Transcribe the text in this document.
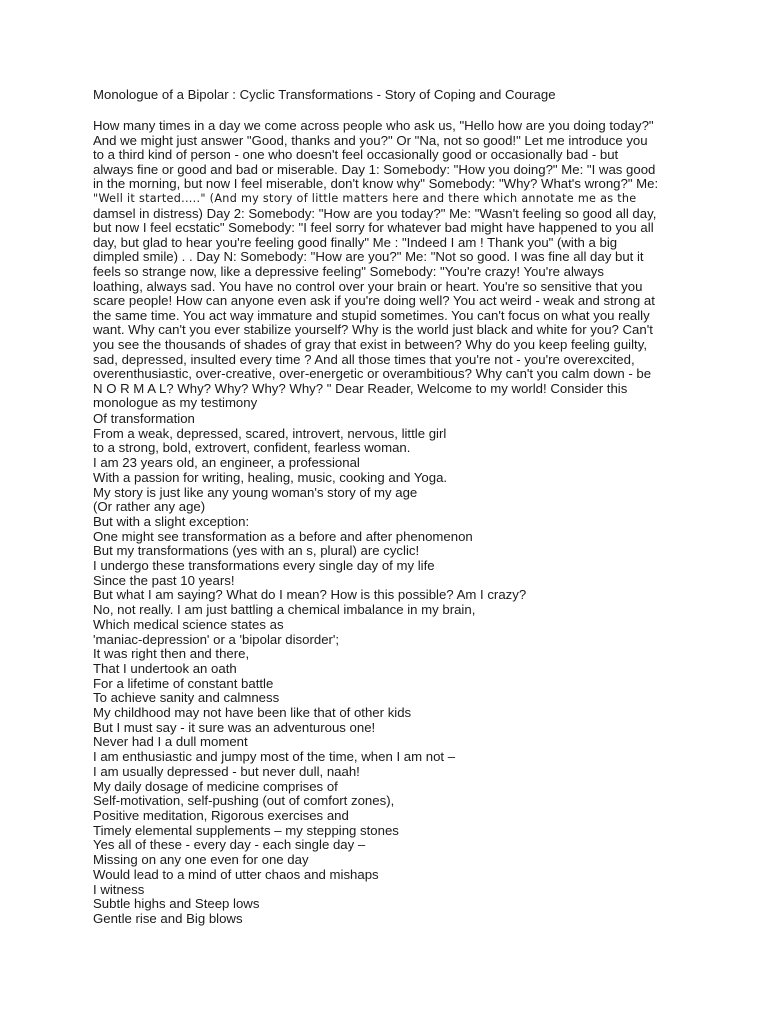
Monologue of a Bipolar : Cyclic Transformations - Story of Coping and Courage
How many times in a day we come across people who ask us, "Hello how are you doing today?"
And we might just answer "Good, thanks and you?" Or "Na, not so good!" Let me introduce you
to a third kind of person - one who doesn't feel occasionally good or occasionally bad - but
always fine or good and bad or miserable. Day 1: Somebody: "How you doing?" Me: "I was good
in the morning, but now I feel miserable, don't know why" Somebody: "Why? What's wrong?" Me:
"Well it started....." (And my story of little matters here and there which annotate me as the
damsel in distress) Day 2: Somebody: "How are you today?" Me: "Wasn't feeling so good all day,
but now I feel ecstatic" Somebody: "I feel sorry for whatever bad might have happened to you all
day, but glad to hear you're feeling good finally" Me : "Indeed I am ! Thank you" (with a big
dimpled smile) . . Day N: Somebody: "How are you?" Me: "Not so good. I was fine all day but it
feels so strange now, like a depressive feeling" Somebody: "You're crazy! You're always
loathing, always sad. You have no control over your brain or heart. You're so sensitive that you
scare people! How can anyone even ask if you're doing well? You act weird - weak and strong at
the same time. You act way immature and stupid sometimes. You can't focus on what you really
want. Why can't you ever stabilize yourself? Why is the world just black and white for you? Can't
you see the thousands of shades of gray that exist in between? Why do you keep feeling guilty,
sad, depressed, insulted every time ? And all those times that you're not - you're overexcited,
overenthusiastic, over-creative, over-energetic or overambitious? Why can't you calm down - be
N O R M A L? Why? Why? Why? Why? " Dear Reader, Welcome to my world! Consider this
monologue as my testimony
Of transformation
From a weak, depressed, scared, introvert, nervous, little girl
to a strong, bold, extrovert, confident, fearless woman.
I am 23 years old, an engineer, a professional
With a passion for writing, healing, music, cooking and Yoga.
My story is just like any young woman's story of my age
(Or rather any age)
But with a slight exception:
One might see transformation as a before and after phenomenon
But my transformations (yes with an s, plural) are cyclic!
I undergo these transformations every single day of my life
Since the past 10 years!
But what I am saying? What do I mean? How is this possible? Am I crazy?
No, not really. I am just battling a chemical imbalance in my brain,
Which medical science states as
'maniac-depression' or a 'bipolar disorder';
It was right then and there,
That I undertook an oath
For a lifetime of constant battle
To achieve sanity and calmness
My childhood may not have been like that of other kids
But I must say - it sure was an adventurous one!
Never had I a dull moment
I am enthusiastic and jumpy most of the time, when I am not –
I am usually depressed - but never dull, naah!
My daily dosage of medicine comprises of
Self-motivation, self-pushing (out of comfort zones),
Positive meditation, Rigorous exercises and
Timely elemental supplements – my stepping stones
Yes all of these - every day - each single day –
Missing on any one even for one day
Would lead to a mind of utter chaos and mishaps
I witness
Subtle highs and Steep lows
Gentle rise and Big blows
